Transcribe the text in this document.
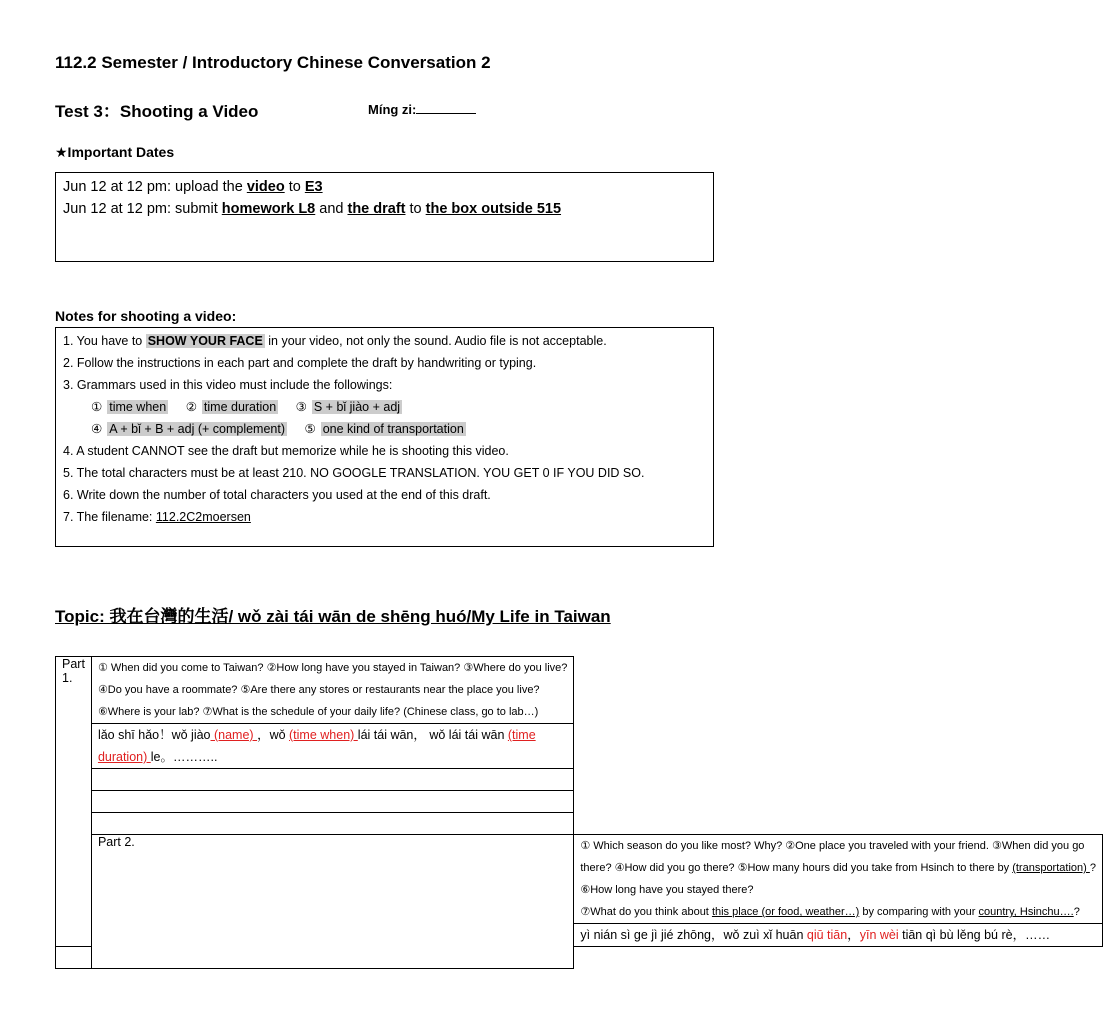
112.2 Semester / Introductory Chinese Conversation 2
Test 3：Shooting a Video	Míng zi:
★Important Dates
Jun 12 at 12 pm: upload the video to E3
Jun 12 at 12 pm: submit homework L8 and the draft to the box outside 515
Notes for shooting a video:
1. You have to SHOW YOUR FACE in your video, not only the sound. Audio file is not acceptable.
2. Follow the instructions in each part and complete the draft by handwriting or typing.
3. Grammars used in this video must include the followings:
① time when ② time duration ③ S + bǐ jiào + adj
④ A + bǐ + B + adj (+ complement) ⑤ one kind of transportation
4. A student CANNOT see the draft but memorize while he is shooting this video.
5. The total characters must be at least 210. NO GOOGLE TRANSLATION. YOU GET 0 IF YOU DID SO.
6. Write down the number of total characters you used at the end of this draft.
7. The filename: 112.2C2moersen
Topic: 我在台灣的生活/ wǒ zài tái wān de shēng huó/My Life in Taiwan
Part 1.	① When did you come to Taiwan? ②How long have you stayed in Taiwan? ③Where do you live?
④Do you have a roommate? ⑤Are there any stores or restaurants near the place you live?
⑥Where is your lab? ⑦What is the schedule of your daily life? (Chinese class, go to lab…)	

	lǎo shī hǎo！wǒ jiào (name) ，wǒ (time when) lái tái wān， wǒ lái tái wān (time duration) le。………..	

	Part 2.	① Which season do you like most? Why? ②One place you traveled with your friend. ③When did you go
there? ④How did you go there? ⑤How many hours did you take from Hsinch to there by (transportation) ?
⑥How long have you stayed there?
⑦What do you think about this place (or food, weather…) by comparing with your country, Hsinchu….?

		yì nián sì ge jì jié zhōng，wǒ zuì xǐ huān qiū tiān，yīn wèi tiān qì bù lěng bú rè，……
